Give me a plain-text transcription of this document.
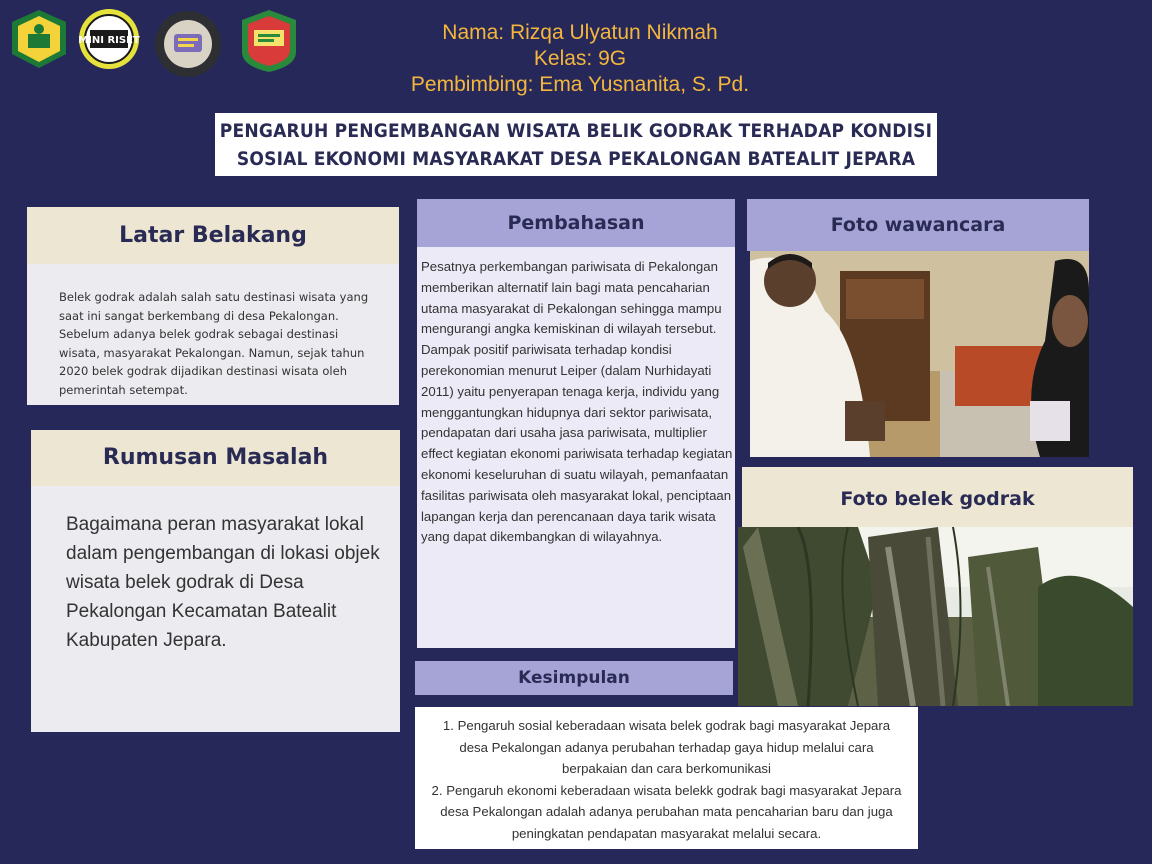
MINI RISET	Nama: Rizqa Ulyatun Nikmah
Kelas: 9G
Pembimbing: Ema Yusnanita, S. Pd.
PENGARUH PENGEMBANGAN WISATA BELIK GODRAK TERHADAP KONDISI
SOSIAL EKONOMI MASYARAKAT DESA PEKALONGAN BATEALIT JEPARA
Latar Belakang
Belek godrak adalah salah satu destinasi wisata yang saat ini sangat berkembang di desa Pekalongan. Sebelum adanya belek godrak sebagai destinasi wisata, masyarakat Pekalongan. Namun, sejak tahun 2020 belek godrak dijadikan destinasi wisata oleh pemerintah setempat.
Rumusan Masalah
Bagaimana peran masyarakat lokal dalam pengembangan di lokasi objek wisata belek godrak di Desa Pekalongan Kecamatan Batealit Kabupaten Jepara.
Pembahasan
Pesatnya perkembangan pariwisata di Pekalongan memberikan alternatif lain bagi mata pencaharian utama masyarakat di Pekalongan sehingga mampu mengurangi angka kemiskinan di wilayah tersebut. Dampak positif pariwisata terhadap kondisi perekonomian menurut Leiper (dalam Nurhidayati 2011) yaitu penyerapan tenaga kerja, individu yang menggantungkan hidupnya dari sektor pariwisata, pendapatan dari usaha jasa pariwisata, multiplier effect kegiatan ekonomi pariwisata terhadap kegiatan ekonomi keseluruhan di suatu wilayah, pemanfaatan fasilitas pariwisata oleh masyarakat lokal, penciptaan lapangan kerja dan perencanaan daya tarik wisata yang dapat dikembangkan di wilayahnya.
Foto wawancara
Foto belek godrak
Kesimpulan

1. Pengaruh sosial keberadaan wisata belek godrak bagi masyarakat Jepara desa Pekalongan adanya perubahan terhadap gaya hidup melalui cara berpakaian dan cara berkomunikasi

2. Pengaruh ekonomi keberadaan wisata belekk godrak bagi masyarakat Jepara desa Pekalongan adalah adanya perubahan mata pencaharian baru dan juga peningkatan pendapatan masyarakat melalui secara.
